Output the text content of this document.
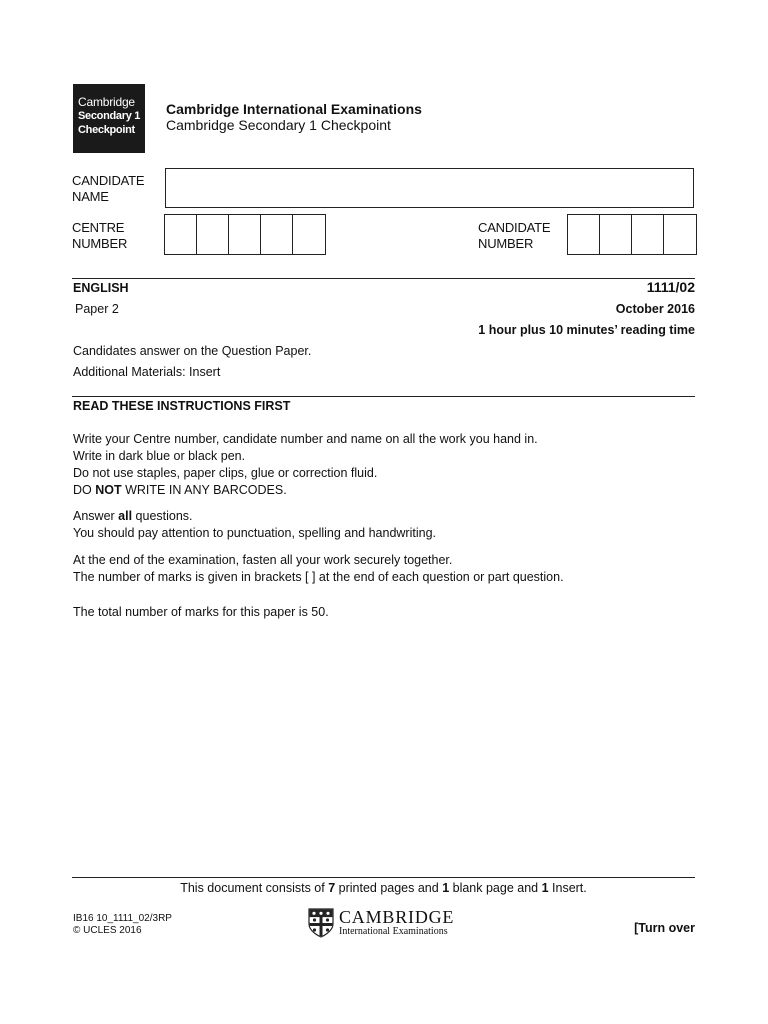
Cambridge
Secondary 1
Checkpoint
Cambridge International Examinations
Cambridge Secondary 1 Checkpoint
CANDIDATE
NAME
CENTRE
NUMBER
CANDIDATE
NUMBER
ENGLISH	1111/02
Paper 2	October 2016
1 hour plus 10 minutes’ reading time
Candidates answer on the Question Paper.
Additional Materials: Insert
READ THESE INSTRUCTIONS FIRST
Write your Centre number, candidate number and name on all the work you hand in.
Write in dark blue or black pen.
Do not use staples, paper clips, glue or correction fluid.
DO NOT WRITE IN ANY BARCODES.
Answer all questions.
You should pay attention to punctuation, spelling and handwriting.
At the end of the examination, fasten all your work securely together.
The number of marks is given in brackets [ ] at the end of each question or part question.
The total number of marks for this paper is 50.
This document consists of 7 printed pages and 1 blank page and 1 Insert.
IB16 10_1111_02/3RP
© UCLES 2016
CAMBRIDGE
International Examinations	[Turn over
